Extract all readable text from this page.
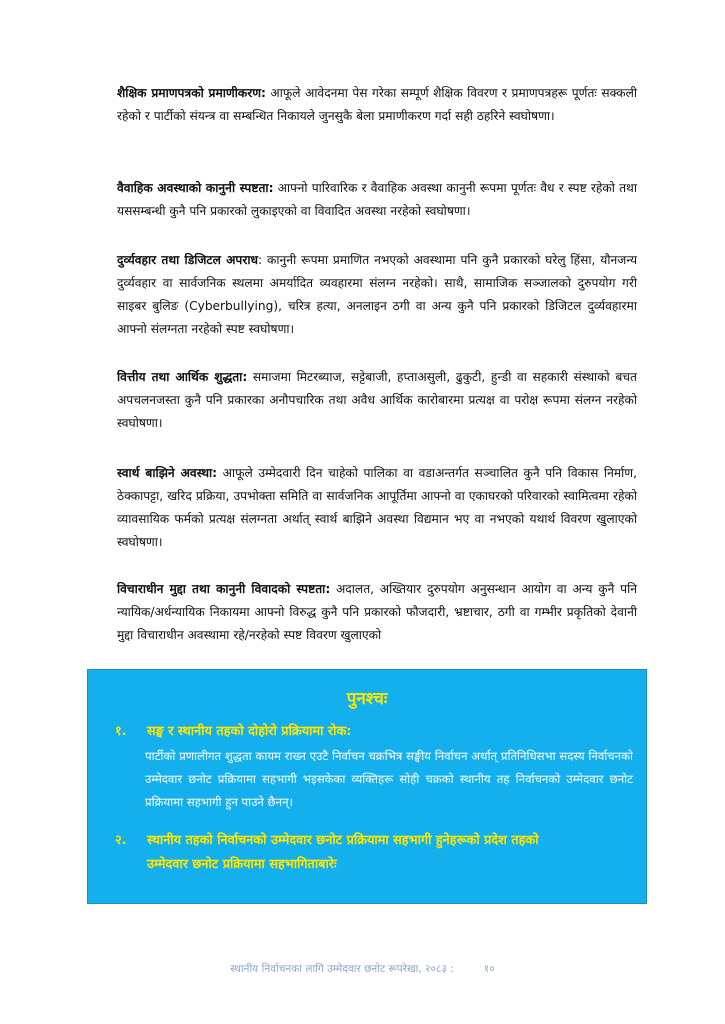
शैक्षिक प्रमाणपत्रको प्रमाणीकरण: आफूले आवेदनमा पेस गरेका सम्पूर्ण शैक्षिक विवरण र प्रमाणपत्रहरू पूर्णतः सक्कली रहेको र पार्टीको संयन्त्र वा सम्बन्धित निकायले जुनसुकै बेला प्रमाणीकरण गर्दा सही ठहरिने स्वघोषणा।

वैवाहिक अवस्थाको कानुनी स्पष्टता: आफ्नो पारिवारिक र वैवाहिक अवस्था कानुनी रूपमा पूर्णतः वैध र स्पष्ट रहेको तथा यससम्बन्धी कुनै पनि प्रकारको लुकाइएको वा विवादित अवस्था नरहेको स्वघोषणा।

दुर्व्यवहार तथा डिजिटल अपराध: कानुनी रूपमा प्रमाणित नभएको अवस्थामा पनि कुनै प्रकारको घरेलु हिंसा, यौनजन्य दुर्व्यवहार वा सार्वजनिक स्थलमा अमर्यादित व्यवहारमा संलग्न नरहेको। साथै, सामाजिक सञ्जालको दुरुपयोग गरी साइबर बुलिङ (Cyberbullying), चरित्र हत्या, अनलाइन ठगी वा अन्य कुनै पनि प्रकारको डिजिटल दुर्व्यवहारमा आफ्नो संलग्नता नरहेको स्पष्ट स्वघोषणा।

वित्तीय तथा आर्थिक शुद्धता: समाजमा मिटरब्याज, सट्टेबाजी, हप्ताअसुली, ढुकुटी, हुन्डी वा सहकारी संस्थाको बचत अपचलनजस्ता कुनै पनि प्रकारका अनौपचारिक तथा अवैध आर्थिक कारोबारमा प्रत्यक्ष वा परोक्ष रूपमा संलग्न नरहेको स्वघोषणा।

स्वार्थ बाझिने अवस्था: आफूले उम्मेदवारी दिन चाहेको पालिका वा वडाअन्तर्गत सञ्चालित कुनै पनि विकास निर्माण, ठेक्कापट्टा, खरिद प्रक्रिया, उपभोक्ता समिति वा सार्वजनिक आपूर्तिमा आफ्नो वा एकाघरको परिवारको स्वामित्वमा रहेको व्यावसायिक फर्मको प्रत्यक्ष संलग्नता अर्थात् स्वार्थ बाझिने अवस्था विद्यमान भए वा नभएको यथार्थ विवरण खुलाएको स्वघोषणा।

विचाराधीन मुद्दा तथा कानुनी विवादको स्पष्टता: अदालत, अख्तियार दुरुपयोग अनुसन्धान आयोग वा अन्य कुनै पनि न्यायिक/अर्धन्यायिक निकायमा आफ्नो विरुद्ध कुनै पनि प्रकारको फौजदारी, भ्रष्टाचार, ठगी वा गम्भीर प्रकृतिको देवानी मुद्दा विचाराधीन अवस्थामा रहे/नरहेको स्पष्ट विवरण खुलाएको

पुनश्चः
१. सङ्घ र स्थानीय तहको दोहोरो प्रक्रियामा रोक:
पार्टीको प्रणालीगत शुद्धता कायम राख्न एउटै निर्वाचन चक्रभित्र सङ्घीय निर्वाचन अर्थात् प्रतिनिधिसभा सदस्य निर्वाचनको उम्मेदवार छनोट प्रक्रियामा सहभागी भइसकेका व्यक्तिहरू सोही चक्रको स्थानीय तह निर्वाचनको उम्मेदवार छनोट प्रक्रियामा सहभागी हुन पाउने छैनन्।
२. स्थानीय तहको निर्वाचनको उम्मेदवार छनोट प्रक्रियामा सहभागी हुनेहरूको प्रदेश तहको
उम्मेदवार छनोट प्रक्रियामा सहभागिताबारेः
स्थानीय निर्वाचनका लागि उम्मेदवार छनोट रूपरेखा, २०८३ :	१०
